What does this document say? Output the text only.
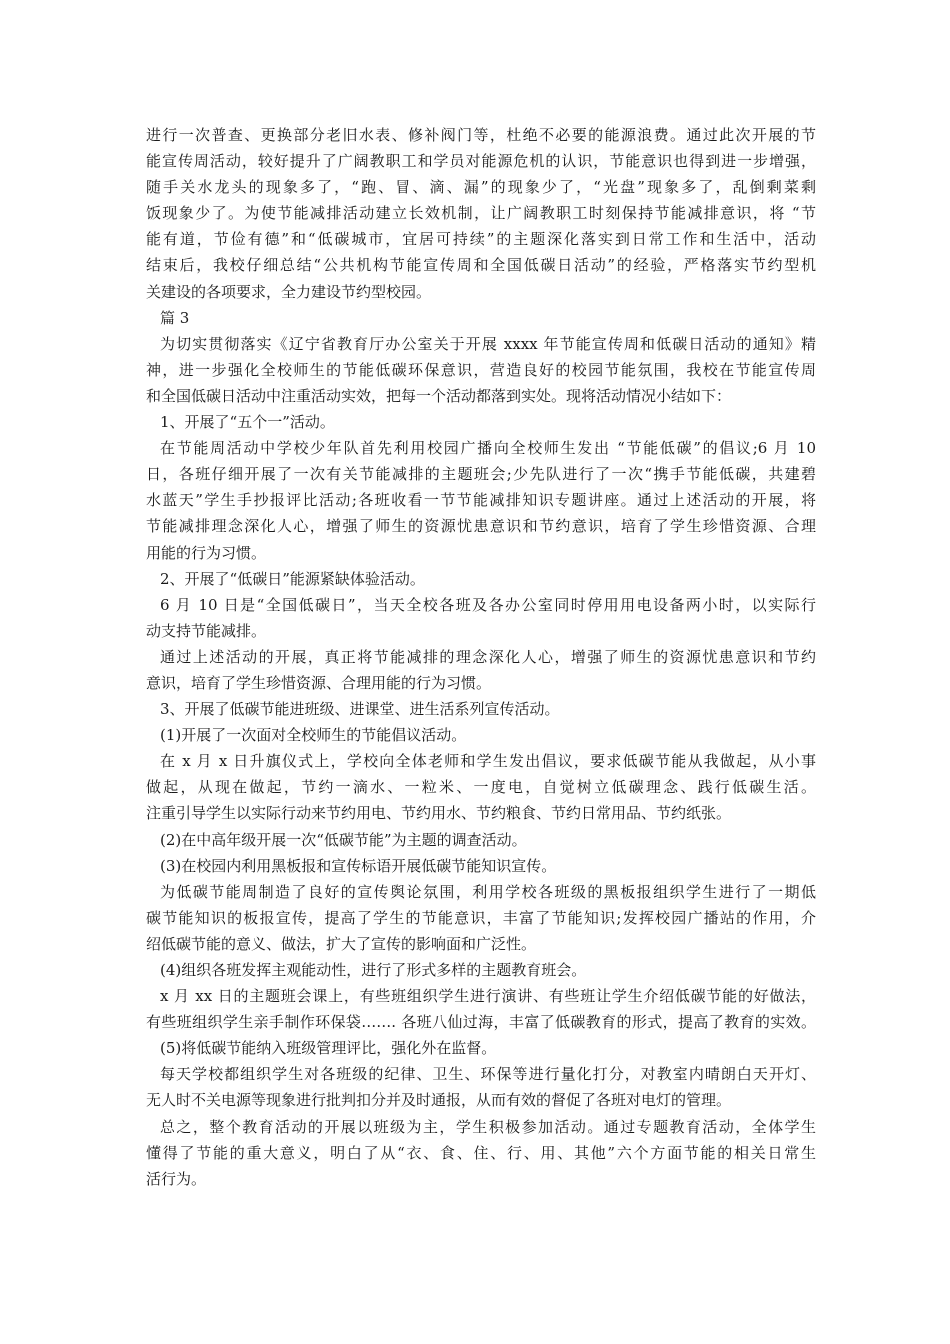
进行一次普查、更换部分老旧水表、修补阀门等，杜绝不必要的能源浪费。通过此次开展的节
能宣传周活动，较好提升了广阔教职工和学员对能源危机的认识，节能意识也得到进一步增强，
随手关水龙头的现象多了，“跑、冒、滴、漏”的现象少了，“光盘”现象多了，乱倒剩菜剩
饭现象少了。为使节能减排活动建立长效机制，让广阔教职工时刻保持节能减排意识，将 “节
能有道，节俭有德”和“低碳城市，宜居可持续”的主题深化落实到日常工作和生活中，活动
结束后，我校仔细总结“公共机构节能宣传周和全国低碳日活动”的经验，严格落实节约型机
关建设的各项要求，全力建设节约型校园。
篇 3
为切实贯彻落实《辽宁省教育厅办公室关于开展 xxxx 年节能宣传周和低碳日活动的通知》精
神，进一步强化全校师生的节能低碳环保意识，营造良好的校园节能氛围，我校在节能宣传周
和全国低碳日活动中注重活动实效，把每一个活动都落到实处。现将活动情况小结如下：
1、开展了“五个一”活动。
在节能周活动中学校少年队首先利用校园广播向全校师生发出 “节能低碳”的倡议;6 月 10
日，各班仔细开展了一次有关节能减排的主题班会;少先队进行了一次“携手节能低碳，共建碧
水蓝天”学生手抄报评比活动;各班收看一节节能减排知识专题讲座。通过上述活动的开展，将
节能减排理念深化人心，增强了师生的资源忧患意识和节约意识，培育了学生珍惜资源、合理
用能的行为习惯。
2、开展了“低碳日”能源紧缺体验活动。
6 月 10 日是“全国低碳日”，当天全校各班及各办公室同时停用用电设备两小时，以实际行
动支持节能减排。
通过上述活动的开展，真正将节能减排的理念深化人心，增强了师生的资源忧患意识和节约
意识，培育了学生珍惜资源、合理用能的行为习惯。
3、开展了低碳节能进班级、进课堂、进生活系列宣传活动。
(1)开展了一次面对全校师生的节能倡议活动。
在 x 月 x 日升旗仪式上，学校向全体老师和学生发出倡议，要求低碳节能从我做起，从小事
做起，从现在做起，节约一滴水、一粒米、一度电，自觉树立低碳理念、践行低碳生活。
注重引导学生以实际行动来节约用电、节约用水、节约粮食、节约日常用品、节约纸张。
(2)在中高年级开展一次“低碳节能”为主题的调查活动。
(3)在校园内利用黑板报和宣传标语开展低碳节能知识宣传。
为低碳节能周制造了良好的宣传舆论氛围，利用学校各班级的黑板报组织学生进行了一期低
碳节能知识的板报宣传，提高了学生的节能意识，丰富了节能知识;发挥校园广播站的作用，介
绍低碳节能的意义、做法，扩大了宣传的影响面和广泛性。
(4)组织各班发挥主观能动性，进行了形式多样的主题教育班会。
x 月 xx 日的主题班会课上，有些班组织学生进行演讲、有些班让学生介绍低碳节能的好做法，
有些班组织学生亲手制作环保袋……. 各班八仙过海，丰富了低碳教育的形式，提高了教育的实效。
(5)将低碳节能纳入班级管理评比，强化外在监督。
每天学校都组织学生对各班级的纪律、卫生、环保等进行量化打分，对教室内晴朗白天开灯、
无人时不关电源等现象进行批判扣分并及时通报，从而有效的督促了各班对电灯的管理。
总之，整个教育活动的开展以班级为主，学生积极参加活动。通过专题教育活动，全体学生
懂得了节能的重大意义，明白了从“衣、食、住、行、用、其他”六个方面节能的相关日常生
活行为。
